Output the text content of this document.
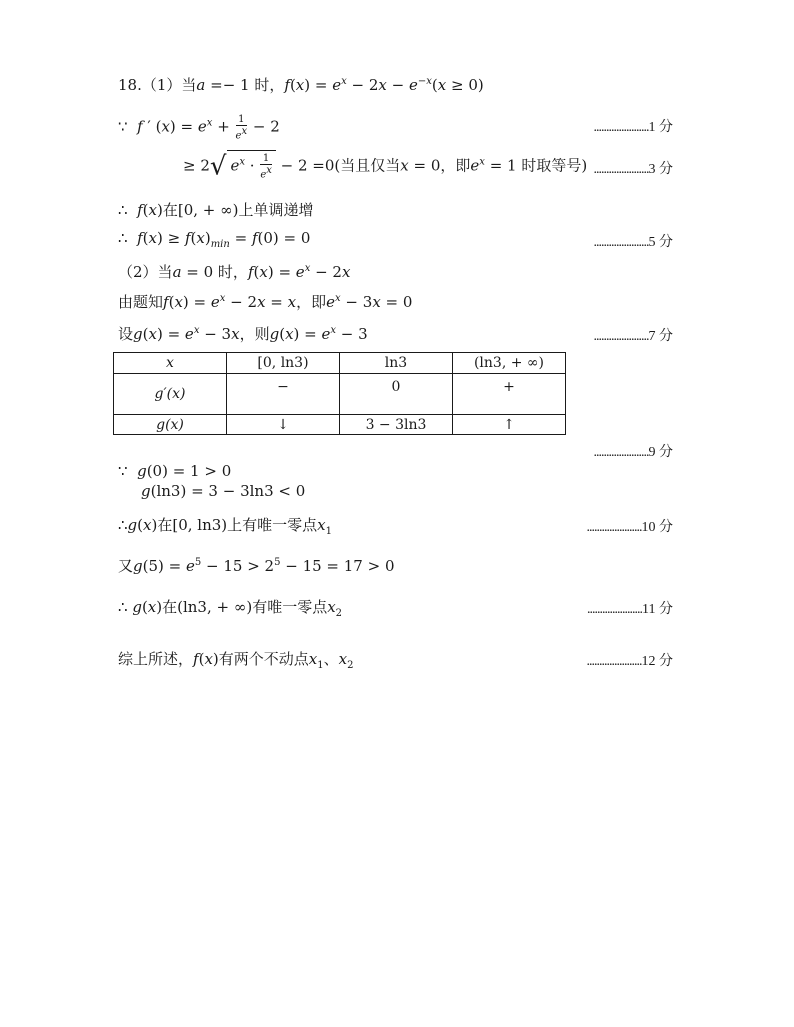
18.（1）当a =− 1 时，$f(x) = e^x - 2x - e^{-x}(x \ge 0)$
∵ f ′ $(x) = e^x + \frac{1}{e^x} - 2$	......................1 分
≥ 2√ $e^x \cdot \frac{1}{e^x} - 2 =0$(当且仅当x = 0，即$e^x = 1$ 时取等号) ......................3 分
∴ f(x)在[0, + ∞)上单调递增
∴ $f(x) \ge f(x)_{min} = f(0) = 0$	......................5 分
（2）当a = 0 时，$f(x) = e^x - 2x$
由题知$f(x) = e^x - 2x = x$，即$e^x - 3x = 0$
设$g(x) = e^x - 3x$，则$g(x) = e^x - 3$	......................7 分
x	[0, ln3)	ln3	(ln3, + ∞)
g′(x)	−	0	+

g(x)	↓	3 − 3ln3	↑
......................9 分
∵ g(0) = 1 > 0
g(ln3) = 3 − 3ln3 < 0
∴g(x)在[0, ln3)上有唯一零点$x_1$	......................10 分
又$g(5) = e^5 - 15 > 2^5 - 15 = 17 > 0$
∴ g(x)在(ln3, + ∞)有唯一零点$x_2$	......................11 分
综上所述，f(x)有两个不动点$x_1$、$x_2$	......................12 分
